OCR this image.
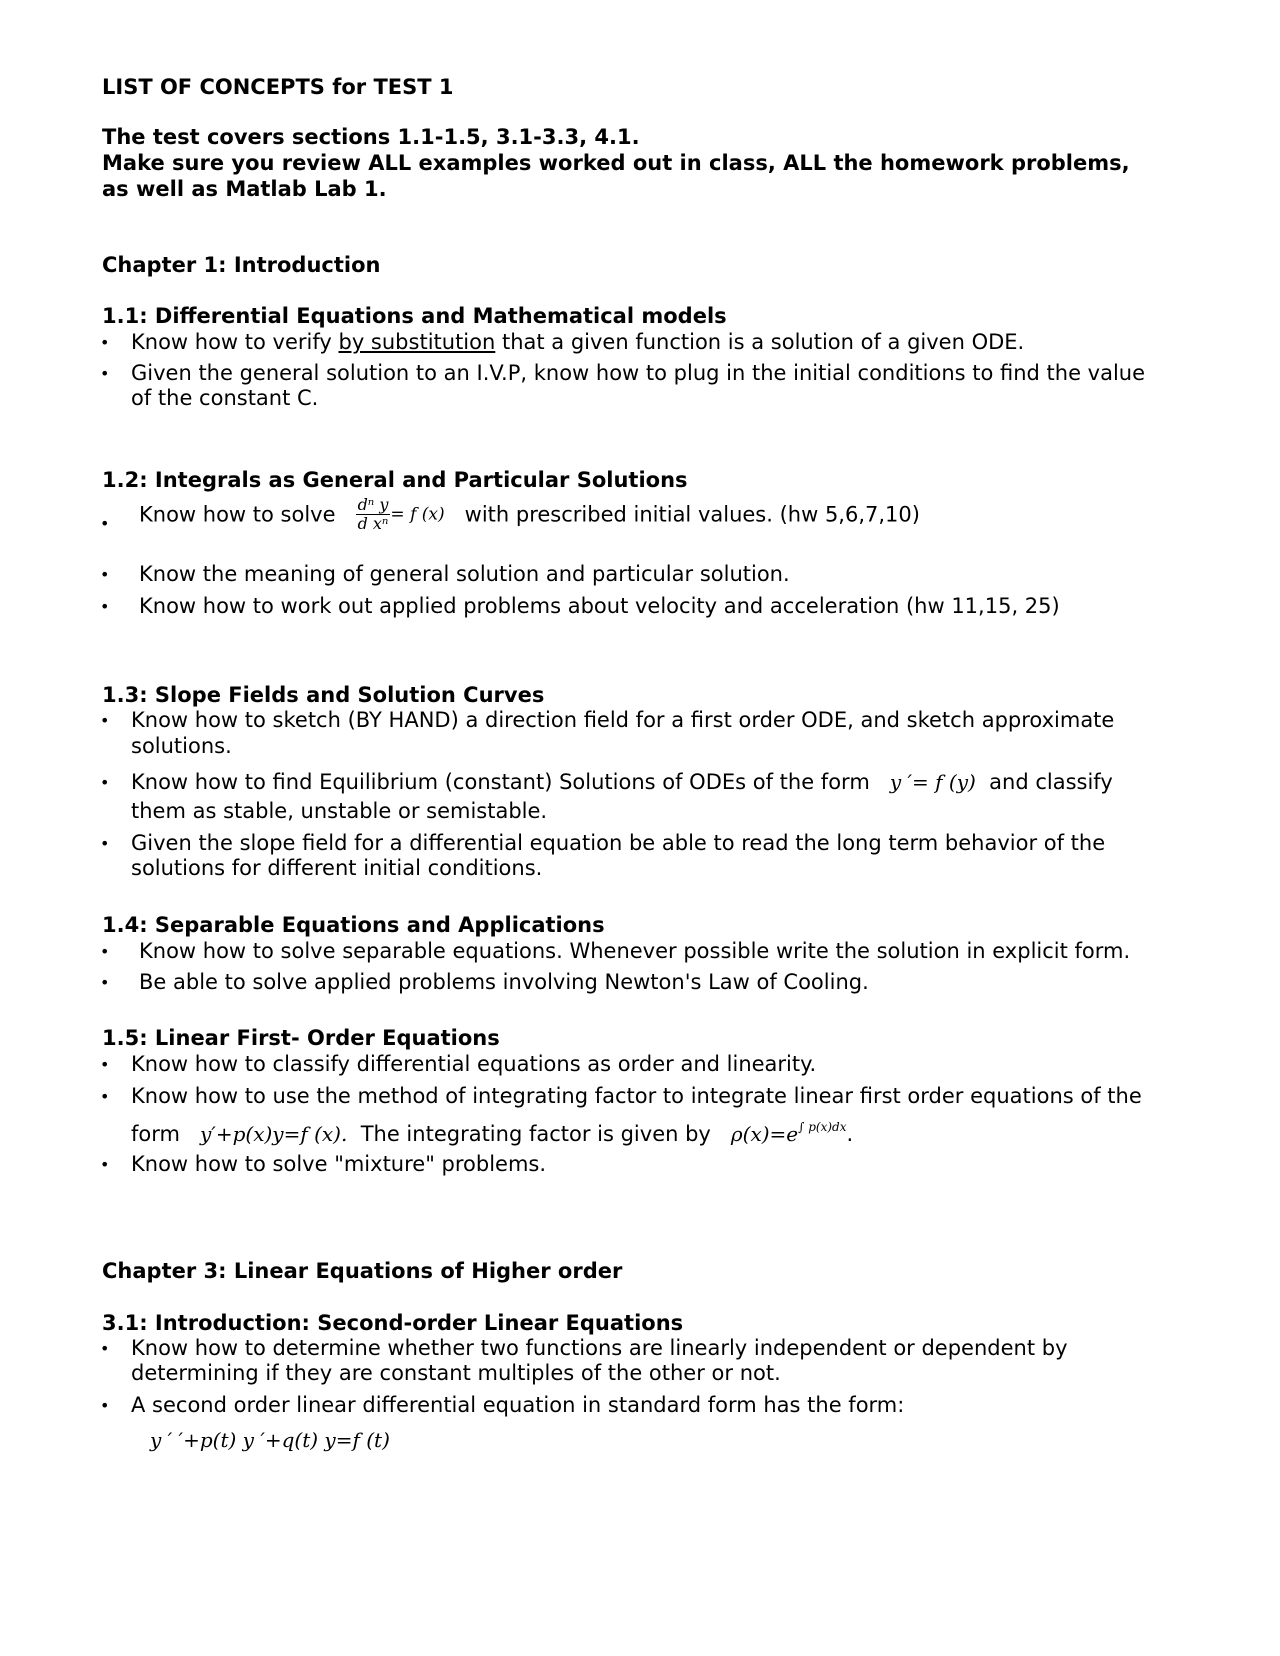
LIST OF CONCEPTS for TEST 1
The test covers sections 1.1-1.5, 3.1-3.3, 4.1.
Make sure you review ALL examples worked out in class, ALL the homework problems,
as well as Matlab Lab 1.
Chapter 1: Introduction
1.1: Differential Equations and Mathematical models
• Know how to verify by substitution that a given function is a solution of a given ODE.
• Given the general solution to an I.V.P, know how to plug in the initial conditions to find the value
of the constant C.
1.2: Integrals as General and Particular Solutions
• Know how to solve $\frac{\text{dⁿ y}}{\text{d xⁿ}} = f$ (x) with prescribed initial values. (hw 5,6,7,10)
• Know the meaning of general solution and particular solution.
• Know how to work out applied problems about velocity and acceleration (hw 11,15, 25)
1.3: Slope Fields and Solution Curves
• Know how to sketch (BY HAND) a direction field for a first order ODE, and sketch approximate
solutions.
• Know how to find Equilibrium (constant) Solutions of ODEs of the form y ′= f (y) and classify
them as stable, unstable or semistable.
• Given the slope field for a differential equation be able to read the long term behavior of the
solutions for different initial conditions.
1.4: Separable Equations and Applications
• Know how to solve separable equations. Whenever possible write the solution in explicit form.
• Be able to solve applied problems involving Newton's Law of Cooling.
1.5: Linear First- Order Equations
• Know how to classify differential equations as order and linearity.
• Know how to use the method of integrating factor to integrate linear first order equations of the
form y′+p(x)y=f (x). The integrating factor is given by $\rho(x)=e^{\int p(x)dx}$.
• Know how to solve "mixture" problems.
Chapter 3: Linear Equations of Higher order
3.1: Introduction: Second-order Linear Equations
• Know how to determine whether two functions are linearly independent or dependent by
determining if they are constant multiples of the other or not.
• A second order linear differential equation in standard form has the form:
y ′ ′+p(t) y ′+q(t) y=f (t)
